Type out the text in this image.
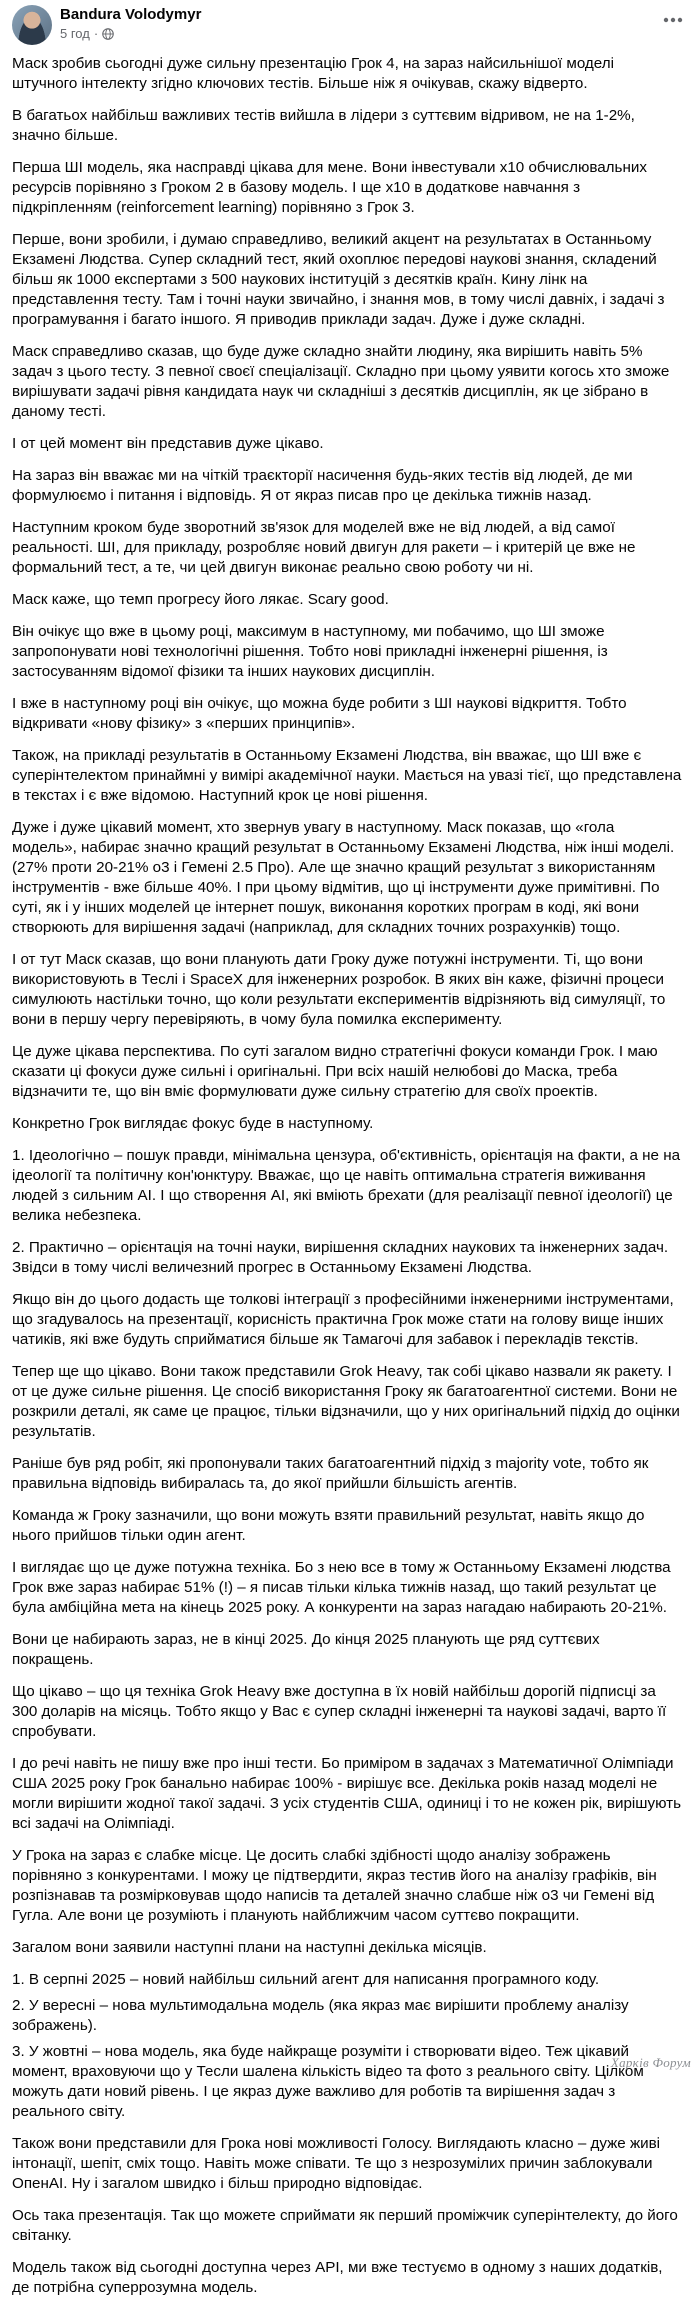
Bandura Volodymyr
5 год ·

Маск зробив сьогодні дуже сильну презентацію Грок 4, на зараз найсильнішої моделі штучного інтелекту згідно ключових тестів. Більше ніж я очікував, скажу відверто.

В багатьох найбільш важливих тестів вийшла в лідери з суттєвим відривом, не на 1-2%, значно більше.

Перша ШІ модель, яка насправді цікава для мене. Вони інвестували x10 обчислювальних ресурсів порівняно з Гроком 2 в базову модель. І ще x10 в додаткове навчання з підкріпленням (reinforcement learning) порівняно з Грок 3.

Перше, вони зробили, і думаю справедливо, великий акцент на результатах в Останньому Екзамені Людства. Супер складний тест, який охоплює передові наукові знання, складений більш як 1000 експертами з 500 наукових інституцій з десятків країн. Кину лінк на представлення тесту. Там і точні науки звичайно, і знання мов, в тому числі давніх, і задачі з програмування і багато іншого. Я приводив приклади задач. Дуже і дуже складні.

Маск справедливо сказав, що буде дуже складно знайти людину, яка вирішить навіть 5% задач з цього тесту. З певної своєї спеціалізації. Складно при цьому уявити когось хто зможе вирішувати задачі рівня кандидата наук чи складніші з десятків дисциплін, як це зібрано в даному тесті.

І от цей момент він представив дуже цікаво.

На зараз він вважає ми на чіткій траєкторії насичення будь-яких тестів від людей, де ми формулюємо і питання і відповідь. Я от якраз писав про це декілька тижнів назад.

Наступним кроком буде зворотний зв'язок для моделей вже не від людей, а від самої реальності. ШІ, для прикладу, розробляє новий двигун для ракети – і критерій це вже не формальний тест, а те, чи цей двигун виконає реально свою роботу чи ні.

Маск каже, що темп прогресу його лякає. Scary good.

Він очікує що вже в цьому році, максимум в наступному, ми побачимо, що ШІ зможе запропонувати нові технологічні рішення. Тобто нові прикладні інженерні рішення, із застосуванням відомої фізики та інших наукових дисциплін.

І вже в наступному році він очікує, що можна буде робити з ШІ наукові відкриття. Тобто відкривати «нову фізику» з «перших принципів».

Також, на прикладі результатів в Останньому Екзамені Людства, він вважає, що ШІ вже є суперінтелектом принаймні у вимірі академічної науки. Мається на увазі тієї, що представлена в текстах і є вже відомою. Наступний крок це нові рішення.

Дуже і дуже цікавий момент, хто звернув увагу в наступному. Маск показав, що «гола модель», набирає значно кращий результат в Останньому Екзамені Людства, ніж інші моделі. (27% проти 20-21% о3 і Гемені 2.5 Про). Але ще значно кращий результат з використанням інструментів - вже більше 40%. І при цьому відмітив, що ці інструменти дуже примітивні. По суті, як і у інших моделей це інтернет пошук, виконання коротких програм в коді, які вони створюють для вирішення задачі (наприклад, для складних точних розрахунків) тощо.

І от тут Маск сказав, що вони планують дати Гроку дуже потужні інструменти. Ті, що вони використовують в Теслі і SpaceX для інженерних розробок. В яких він каже, фізичні процеси симулюють настільки точно, що коли результати експериментів відрізняють від симуляції, то вони в першу чергу перевіряють, в чому була помилка експерименту.

Це дуже цікава перспектива. По суті загалом видно стратегічні фокуси команди Грок. І маю сказати ці фокуси дуже сильні і оригінальні. При всіх нашій нелюбові до Маска, треба відзначити те, що він вміє формулювати дуже сильну стратегію для своїх проектів.

Конкретно Грок виглядає фокус буде в наступному.

1. Ідеологічно – пошук правди, мінімальна цензура, об'єктивність, орієнтація на факти, а не на ідеології та політичну кон'юнктуру. Вважає, що це навіть оптимальна стратегія виживання людей з сильним AI. І що створення AI, які вміють брехати (для реалізації певної ідеології) це велика небезпека.

2. Практично – орієнтація на точні науки, вирішення складних наукових та інженерних задач. Звідси в тому числі величезний прогрес в Останньому Екзамені Людства.

Якщо він до цього додасть ще толкові інтеграції з професійними інженерними інструментами, що згадувалось на презентації, корисність практична Грок може стати на голову вище інших чатиків, які вже будуть сприйматися більше як Тамагочі для забавок і перекладів текстів.

Тепер ще що цікаво. Вони також представили Grok Heavy, так собі цікаво назвали як ракету. І от це дуже сильне рішення. Це спосіб використання Гроку як багатоагентної системи. Вони не розкрили деталі, як саме це працює, тільки відзначили, що у них оригінальний підхід до оцінки результатів.

Раніше був ряд робіт, які пропонували таких багатоагентний підхід з majority vote, тобто як правильна відповідь вибиралась та, до якої прийшли більшість агентів.

Команда ж Гроку зазначили, що вони можуть взяти правильний результат, навіть якщо до нього прийшов тільки один агент.

І виглядає що це дуже потужна техніка. Бо з нею все в тому ж Останньому Екзамені людства Грок вже зараз набирає 51% (!) – я писав тільки кілька тижнів назад, що такий результат це була амбіційна мета на кінець 2025 року. А конкуренти на зараз нагадаю набирають 20-21%.

Вони це набирають зараз, не в кінці 2025. До кінця 2025 планують ще ряд суттєвих покращень.

Що цікаво – що ця техніка Grok Heavy вже доступна в їх новій найбільш дорогій підписці за 300 доларів на місяць. Тобто якщо у Вас є супер складні інженерні та наукові задачі, варто її спробувати.

І до речі навіть не пишу вже про інші тести. Бо приміром в задачах з Математичної Олімпіади США 2025 року Грок банально набирає 100% - вирішує все. Декілька років назад моделі не могли вирішити жодної такої задачі. З усіх студентів США, одиниці і то не кожен рік, вирішують всі задачі на Олімпіаді.

У Грока на зараз є слабке місце. Це досить слабкі здібності щодо аналізу зображень порівняно з конкурентами. І можу це підтвердити, якраз тестив його на аналізу графіків, він розпізнавав та розмірковував щодо написів та деталей значно слабше ніж о3 чи Гемені від Гугла. Але вони це розуміють і планують найближчим часом суттєво покращити.

Загалом вони заявили наступні плани на наступні декілька місяців.

1. В серпні 2025 – новий найбільш сильний агент для написання програмного коду.

2. У вересні – нова мультимодальна модель (яка якраз має вирішити проблему аналізу зображень).

3. У жовтні – нова модель, яка буде найкраще розуміти і створювати відео. Теж цікавий момент, враховуючи що у Тесли шалена кількість відео та фото з реального світу. Цілком можуть дати новий рівень. І це якраз дуже важливо для роботів та вирішення задач з реального світу.

Також вони представили для Грока нові можливості Голосу. Виглядають класно – дуже живі інтонації, шепіт, сміх тощо. Навіть може співати. Те що з незрозумілих причин заблокували ОпенАІ. Ну і загалом швидко і більш природно відповідає.

Ось така презентація. Так що можете сприймати як перший проміжчик суперінтелекту, до його світанку.

Модель також від сьогодні доступна через API, ми вже тестуємо в одному з наших додатків, де потрібна суперрозумна модель.

Харків Форум
